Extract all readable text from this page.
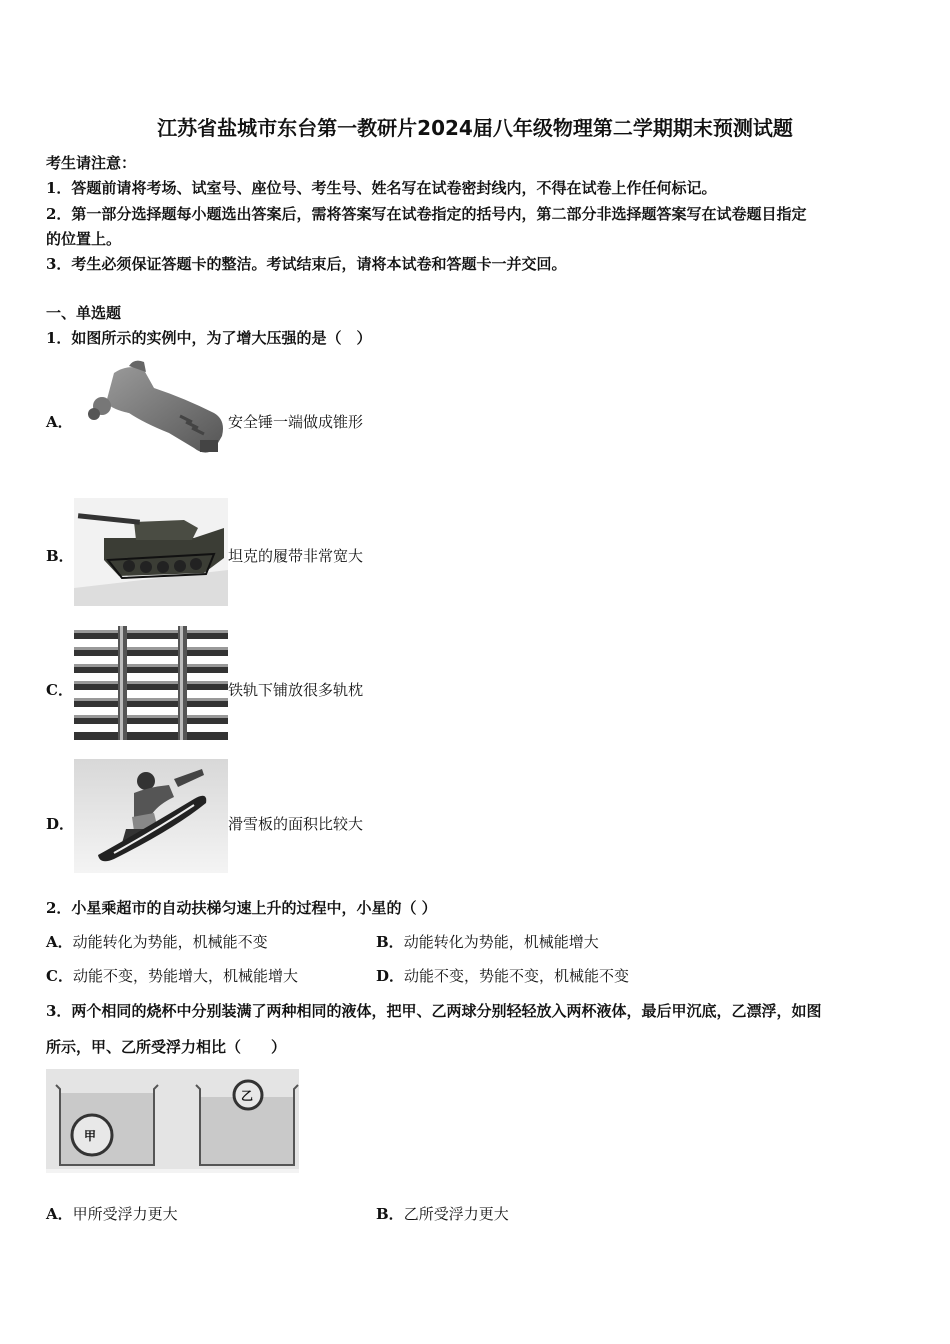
江苏省盐城市东台第一教研片2024届八年级物理第二学期期末预测试题
考生请注意：
1．答题前请将考场、试室号、座位号、考生号、姓名写在试卷密封线内，不得在试卷上作任何标记。
2．第一部分选择题每小题选出答案后，需将答案写在试卷指定的括号内，第二部分非选择题答案写在试卷题目指定
的位置上。
3．考生必须保证答题卡的整洁。考试结束后，请将本试卷和答题卡一并交回。
一、单选题
1．如图所示的实例中，为了增大压强的是（　）
A．	安全锤一端做成锥形
B．	坦克的履带非常宽大
C．	铁轨下铺放很多轨枕
D．	滑雪板的面积比较大
2．小星乘超市的自动扶梯匀速上升的过程中，小星的（ ）
A．动能转化为势能，机械能不变	B．动能转化为势能，机械能增大
C．动能不变，势能增大，机械能增大	D．动能不变，势能不变，机械能不变
3．两个相同的烧杯中分别装满了两种相同的液体，把甲、乙两球分别轻轻放入两杯液体，最后甲沉底，乙漂浮，如图
所示，甲、乙所受浮力相比（　　）
甲
乙
A．甲所受浮力更大	B．乙所受浮力更大
